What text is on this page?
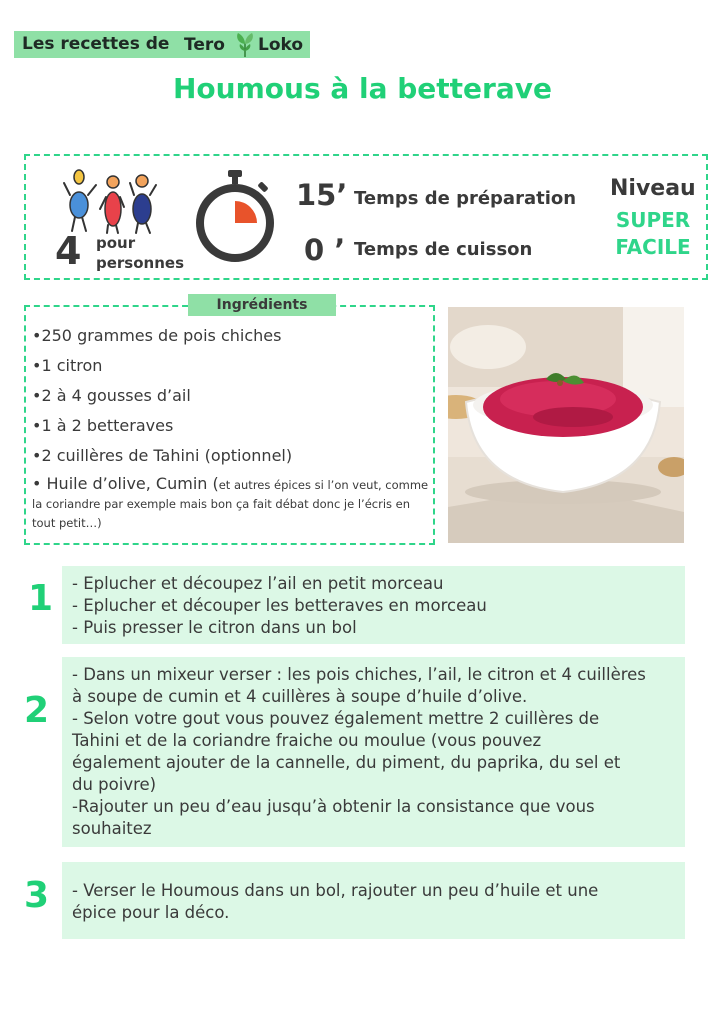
Les recettes de Tero Loko
Houmous à la betterave
4 pour
personnes
15’ Temps de préparation
0 ’ Temps de cuisson
Niveau
SUPER
FACILE
Ingrédients
•250 grammes de pois chiches
•1 citron
•2 à 4 gousses d’ail
•1 à 2 betteraves
•2 cuillères de Tahini (optionnel)
• Huile d’olive, Cumin (et autres épices si l’on veut, comme la coriandre par exemple mais bon ça fait débat donc je l’écris en tout petit…)
1 - Eplucher et découpez l’ail en petit morceau
- Eplucher et découper les betteraves en morceau
- Puis presser le citron dans un bol
2
- Dans un mixeur verser : les pois chiches, l’ail, le citron et 4 cuillères
à soupe de cumin et 4 cuillères à soupe d’huile d’olive.
- Selon votre gout vous pouvez également mettre 2 cuillères de
Tahini et de la coriandre fraiche ou moulue (vous pouvez
également ajouter de la cannelle, du piment, du paprika, du sel et
du poivre)
-Rajouter un peu d’eau jusqu’à obtenir la consistance que vous
souhaitez
3 - Verser le Houmous dans un bol, rajouter un peu d’huile et une
épice pour la déco.
